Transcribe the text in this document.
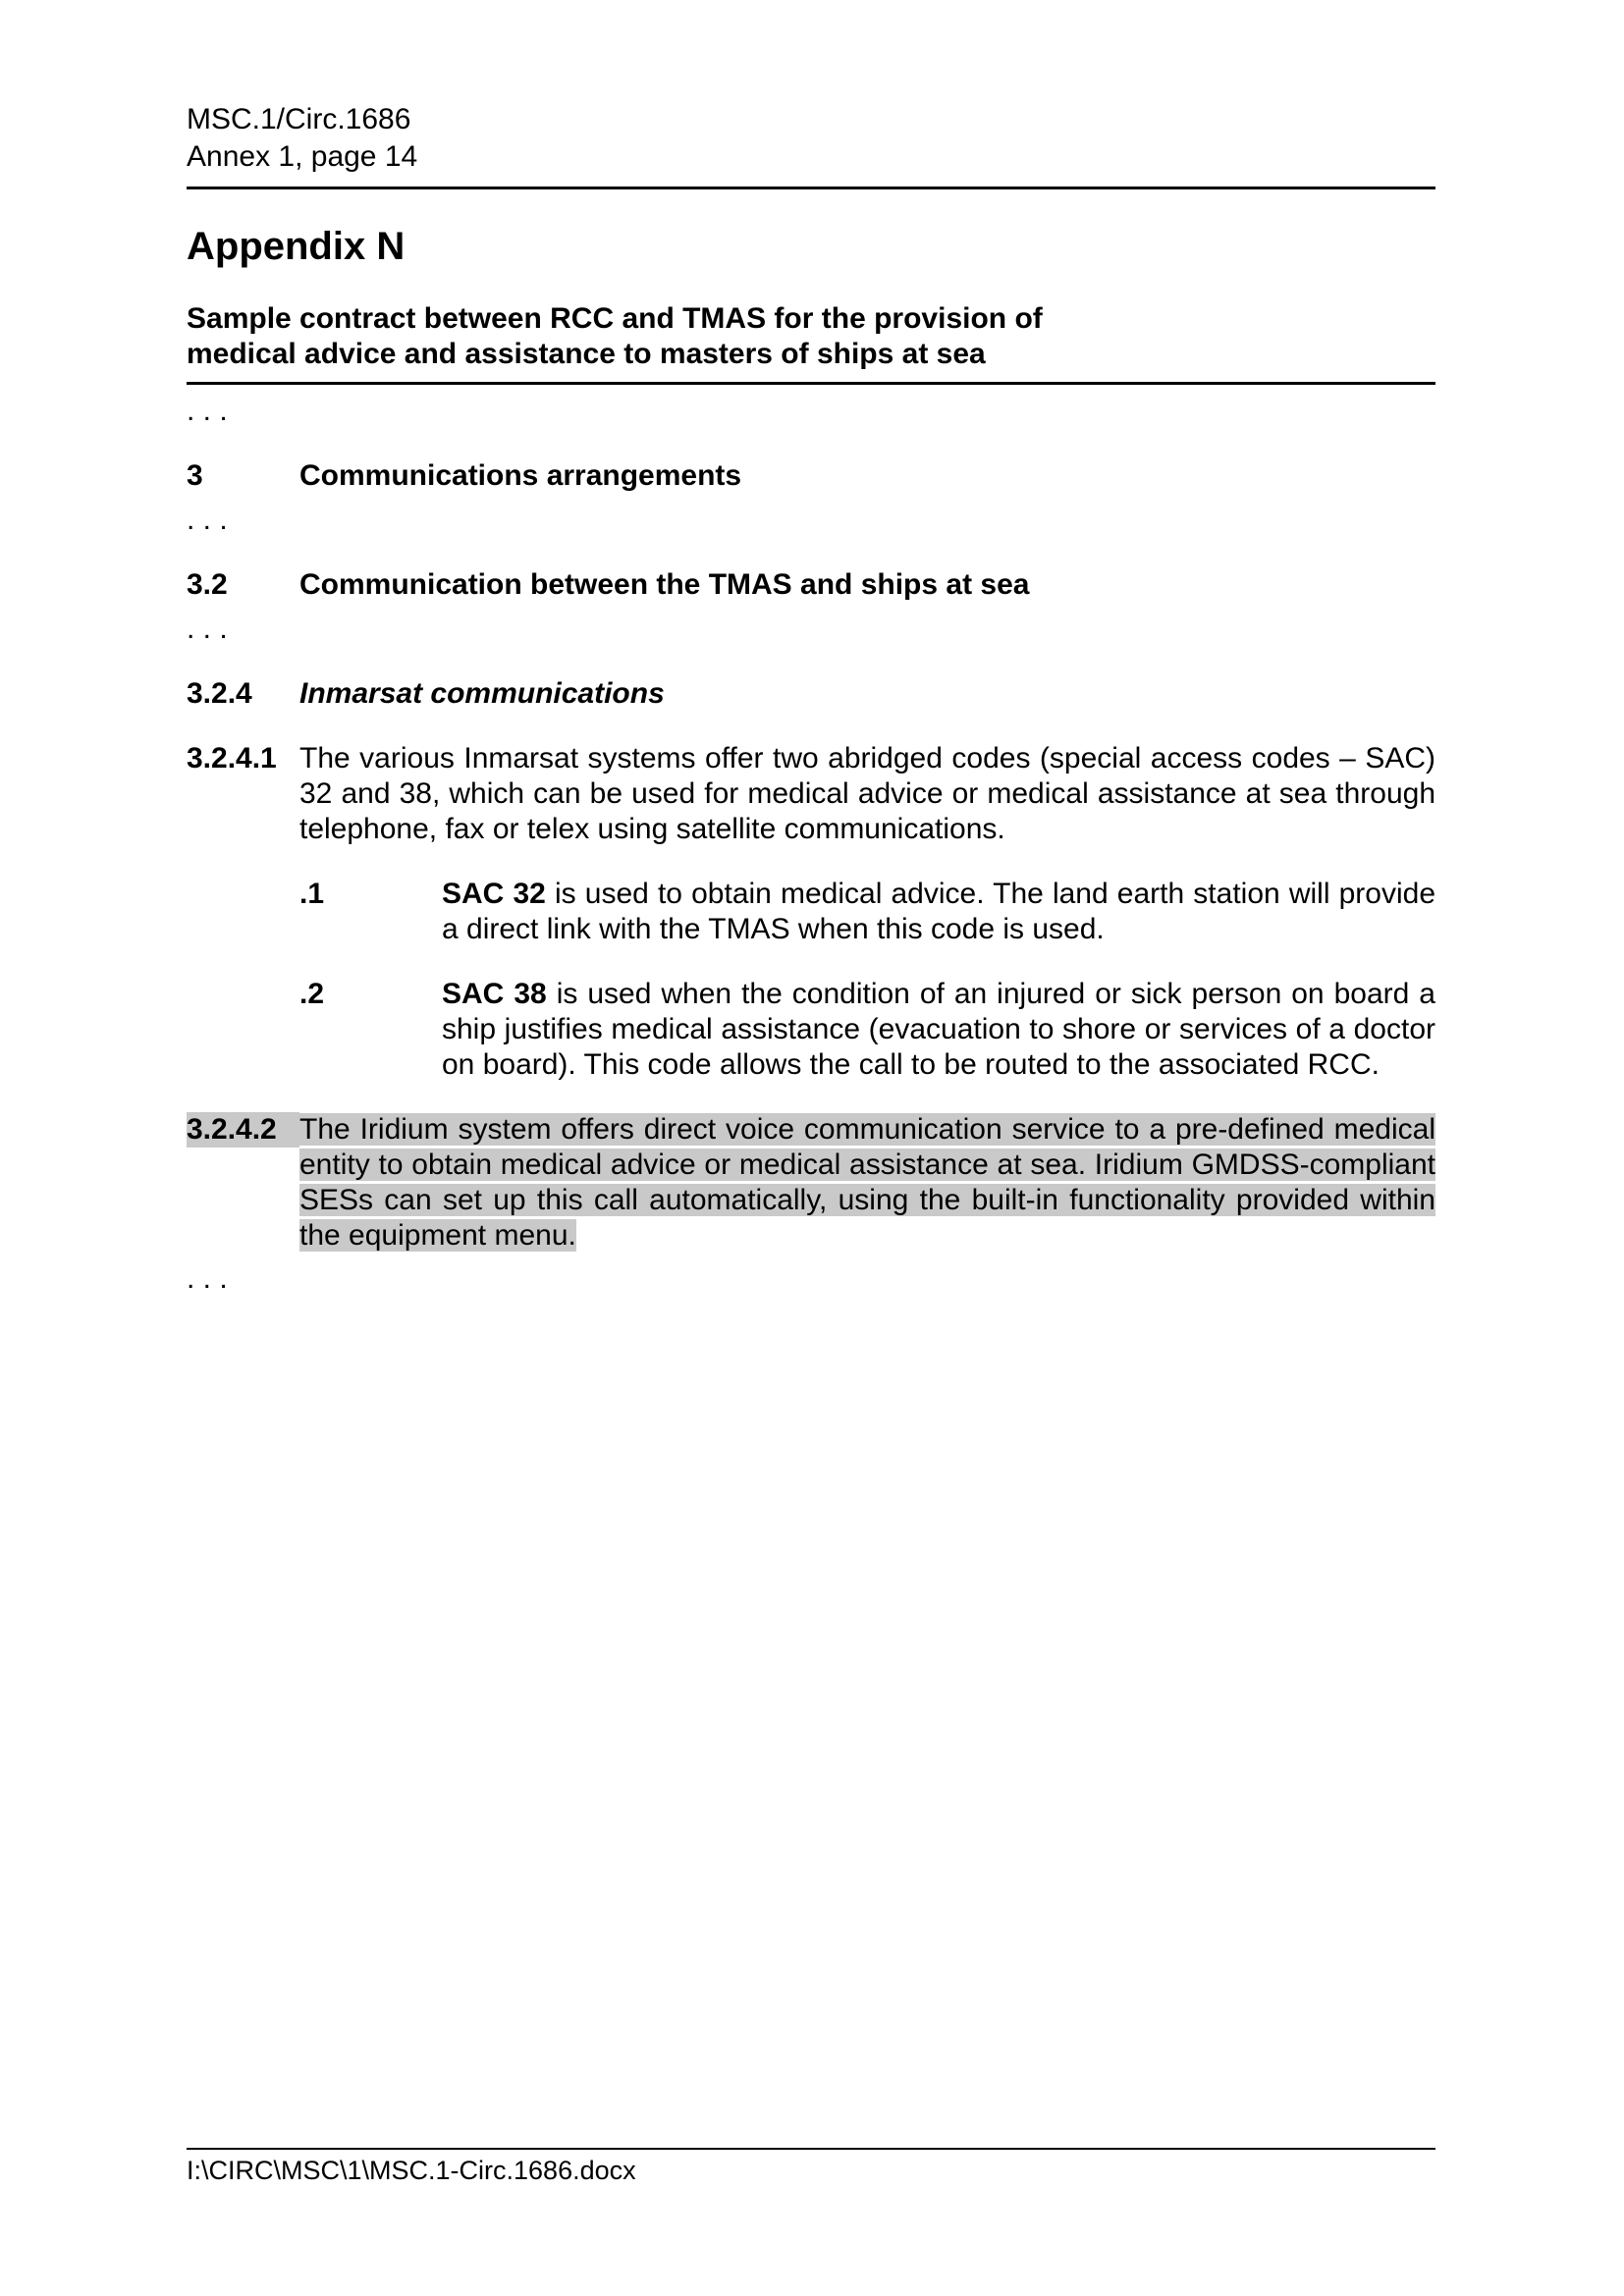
MSC.1/Circ.1686
Annex 1, page 14
Appendix N
Sample contract between RCC and TMAS for the provision of
medical advice and assistance to masters of ships at sea
. . .
3	Communications arrangements
. . .
3.2	Communication between the TMAS and ships at sea
. . .
3.2.4	Inmarsat communications
3.2.4.1 The various Inmarsat systems offer two abridged codes (special access codes – SAC) 32 and 38, which can be used for medical advice or medical assistance at sea through telephone, fax or telex using satellite communications.
.1	SAC 32 is used to obtain medical advice. The land earth station will provide a direct link with the TMAS when this code is used.
.2	SAC 38 is used when the condition of an injured or sick person on board a ship justifies medical assistance (evacuation to shore or services of a doctor on board). This code allows the call to be routed to the associated RCC.
3.2.4.2 The Iridium system offers direct voice communication service to a pre-defined medical entity to obtain medical advice or medical assistance at sea. Iridium GMDSS-compliant SESs can set up this call automatically, using the built-in functionality provided within the equipment menu.
. . .
I:\CIRC\MSC\1\MSC.1-Circ.1686.docx
